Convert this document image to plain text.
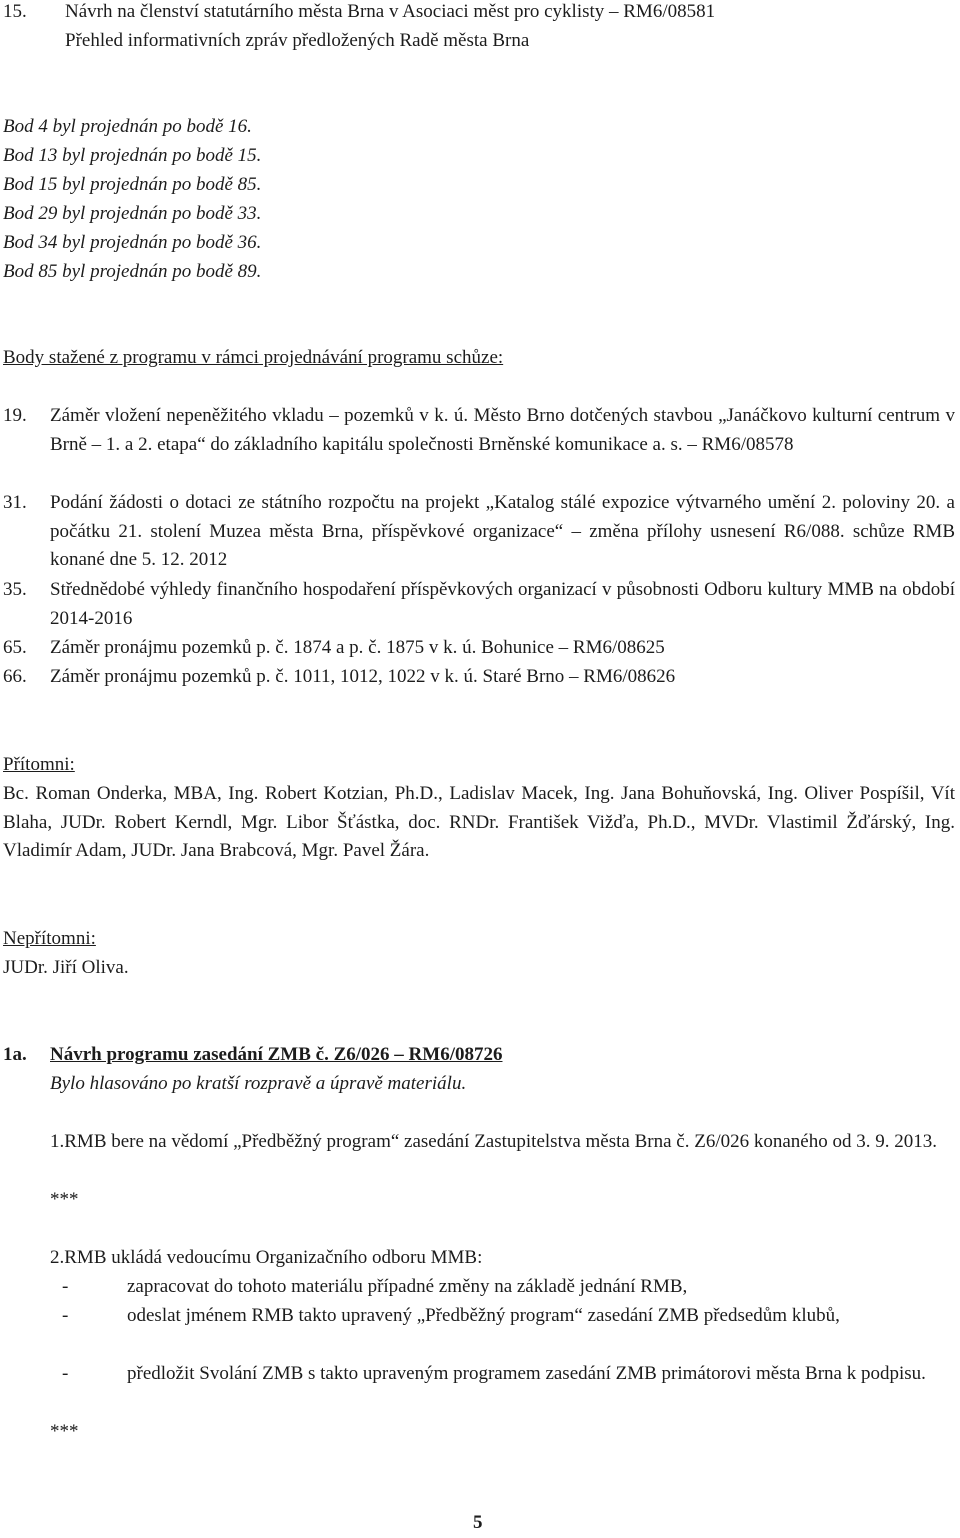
15. Návrh na členství statutárního města Brna v Asociaci měst pro cyklisty – RM6/08581
Přehled informativních zpráv předložených Radě města Brna
Bod 4 byl projednán po bodě 16.
Bod 13 byl projednán po bodě 15.
Bod 15 byl projednán po bodě 85.
Bod 29 byl projednán po bodě 33.
Bod 34 byl projednán po bodě 36.
Bod 85 byl projednán po bodě 89.
Body stažené z programu v rámci projednávání programu schůze:
19. Záměr vložení nepeněžitého vkladu – pozemků v k. ú. Město Brno dotčených stavbou „Janáčkovo kulturní centrum v Brně – 1. a 2. etapa“ do základního kapitálu společnosti Brněnské komunikace a. s. – RM6/08578
31. Podání žádosti o dotaci ze státního rozpočtu na projekt „Katalog stálé expozice výtvarného umění 2. poloviny 20. a počátku 21. stolení Muzea města Brna, příspěvkové organizace“ – změna přílohy usnesení R6/088. schůze RMB konané dne 5. 12. 2012
35. Střednědobé výhledy finančního hospodaření příspěvkových organizací v působnosti Odboru kultury MMB na období 2014-2016
65. Záměr pronájmu pozemků p. č. 1874 a p. č. 1875 v k. ú. Bohunice – RM6/08625
66. Záměr pronájmu pozemků p. č. 1011, 1012, 1022 v k. ú. Staré Brno – RM6/08626
Přítomni:
Bc. Roman Onderka, MBA, Ing. Robert Kotzian, Ph.D., Ladislav Macek, Ing. Jana Bohuňovská, Ing. Oliver Pospíšil, Vít Blaha, JUDr. Robert Kerndl, Mgr. Libor Šťástka, doc. RNDr. František Vižďa, Ph.D., MVDr. Vlastimil Žďárský, Ing. Vladimír Adam, JUDr. Jana Brabcová, Mgr. Pavel Žára.
Nepřítomni:
JUDr. Jiří Oliva.
1a. Návrh programu zasedání ZMB č. Z6/026 – RM6/08726
Bylo hlasováno po kratší rozpravě a úpravě materiálu.
1.RMB bere na vědomí „Předběžný program“ zasedání Zastupitelstva města Brna č. Z6/026 konaného od 3. 9. 2013.
***
2.RMB ukládá vedoucímu Organizačního odboru MMB:
-	zapracovat do tohoto materiálu případné změny na základě jednání RMB,
-	odeslat jménem RMB takto upravený „Předběžný program“ zasedání ZMB předsedům klubů,
-	předložit Svolání ZMB s takto upraveným programem zasedání ZMB primátorovi města Brna k podpisu.
***
5
